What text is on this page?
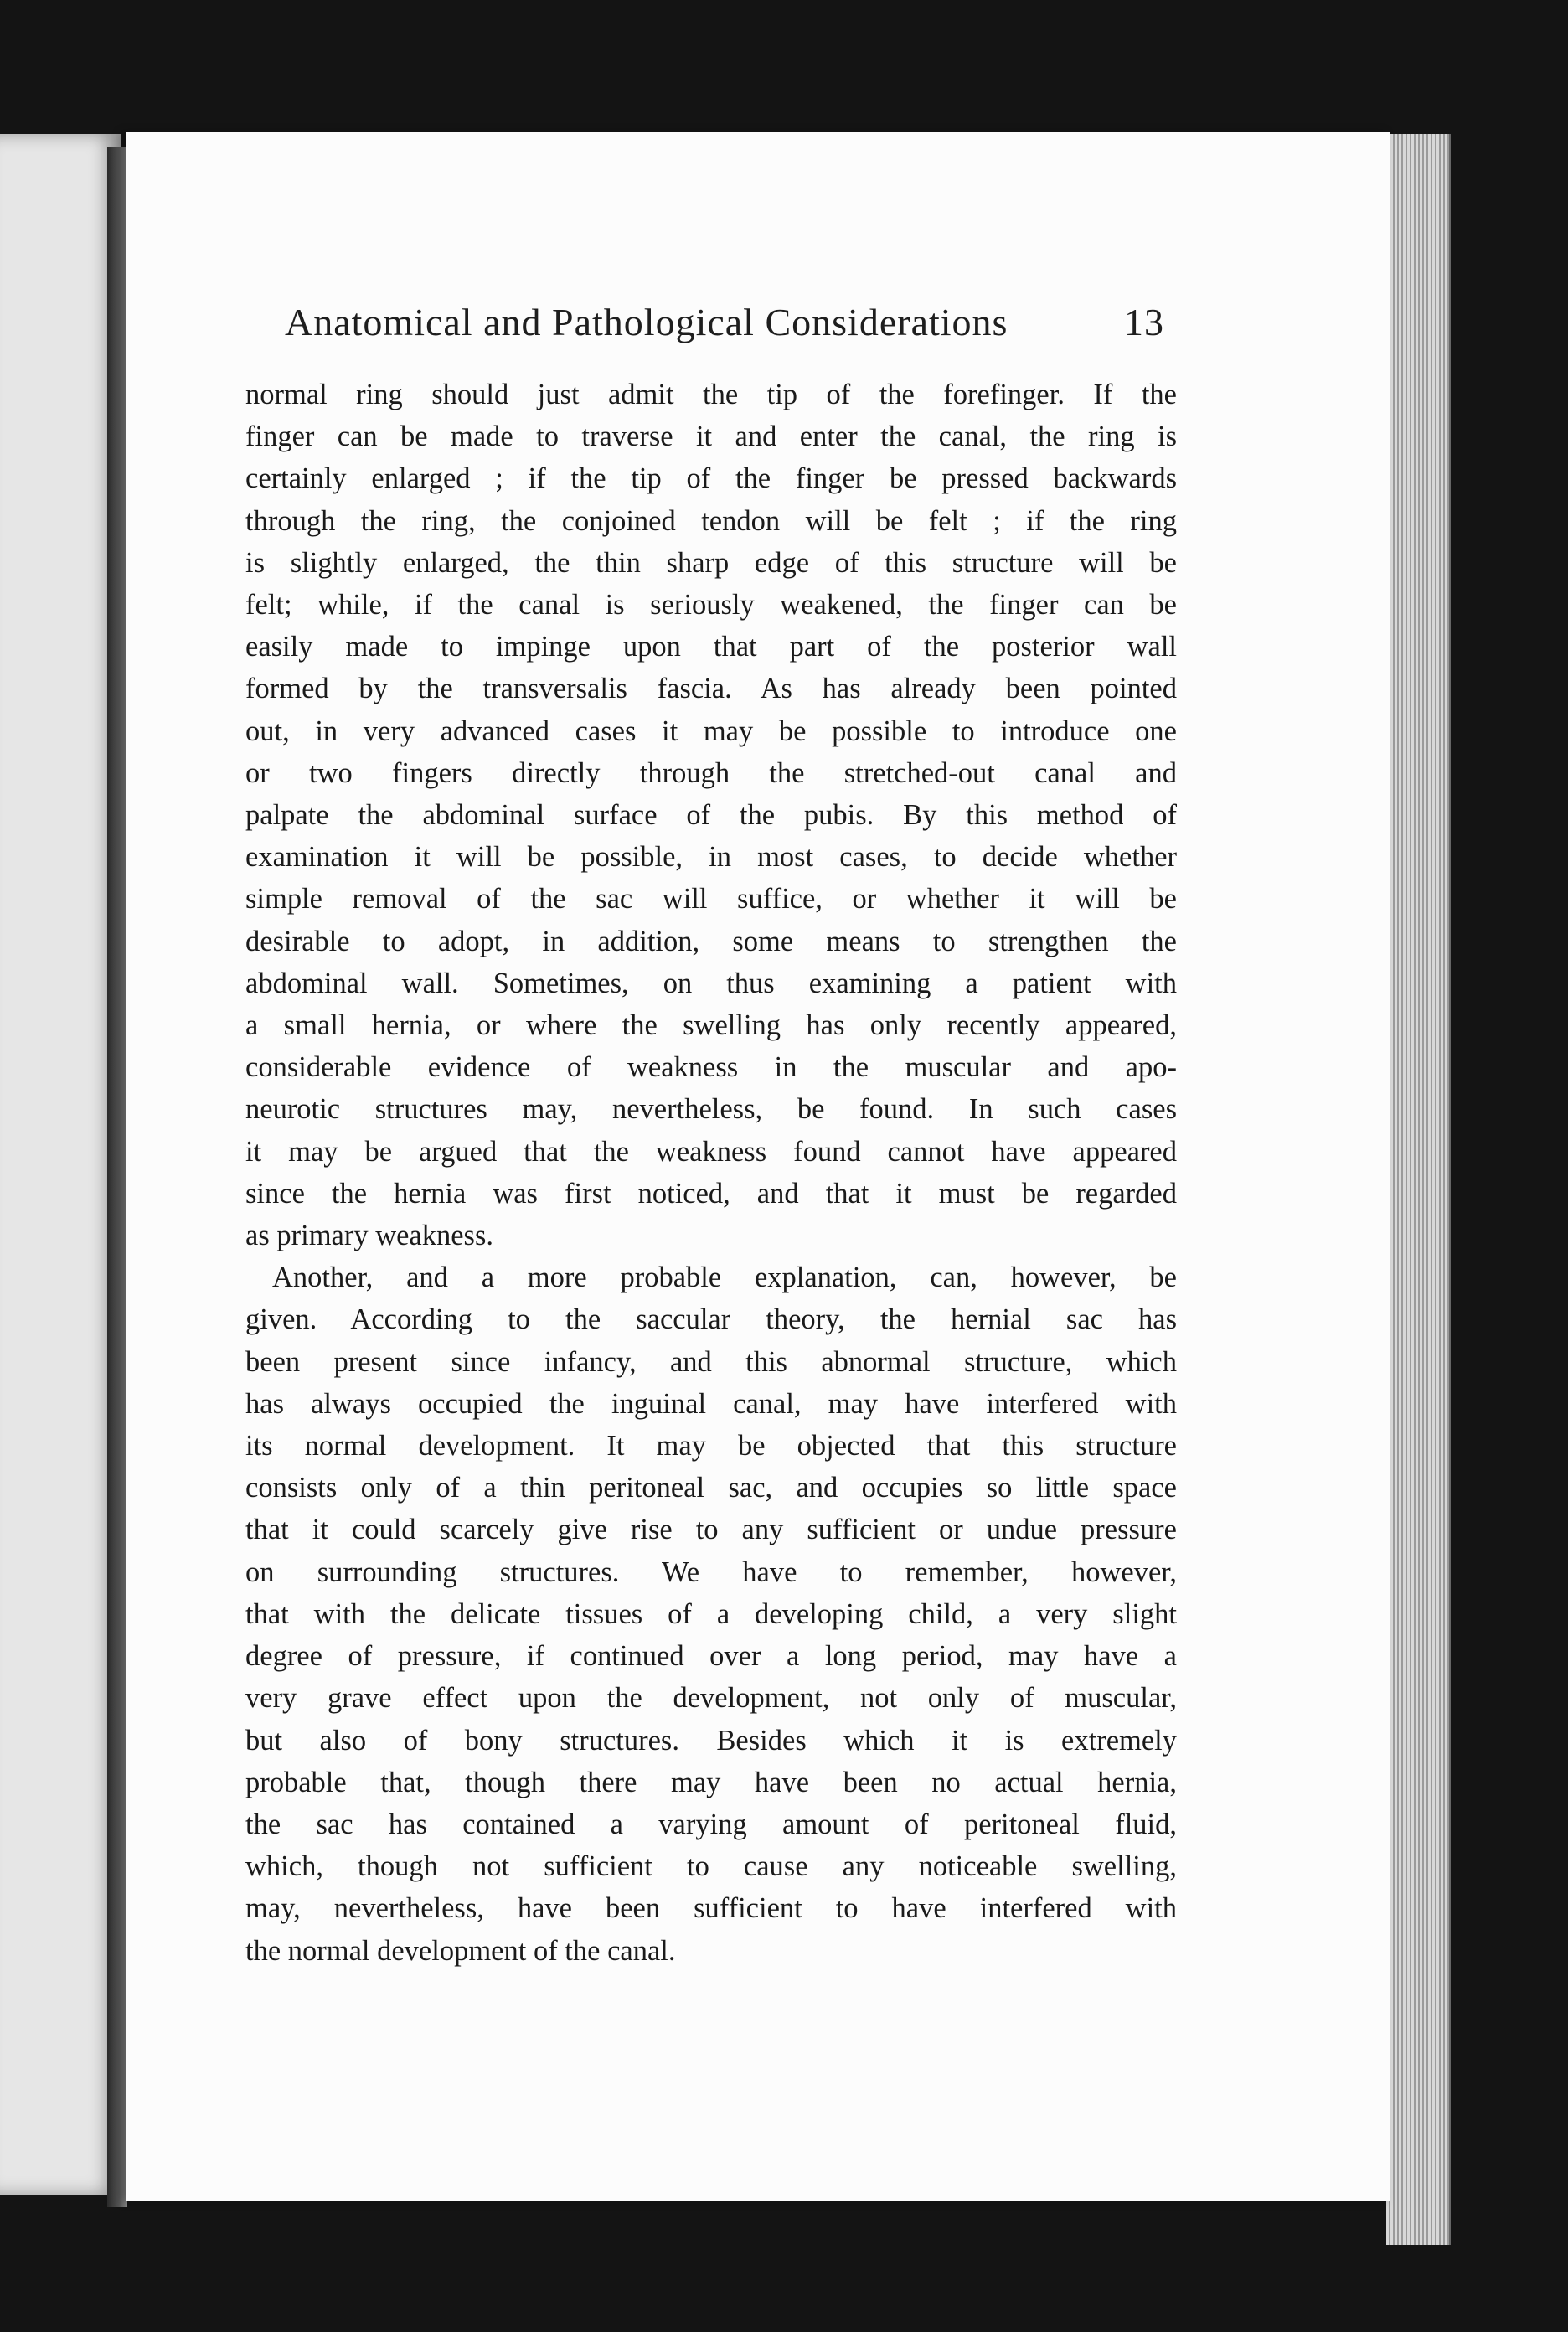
Anatomical and Pathological Considerations	13
normal ring should just admit the tip of the forefinger. If the
finger can be made to traverse it and enter the canal, the ring is
certainly enlarged ; if the tip of the finger be pressed backwards
through the ring, the conjoined tendon will be felt ; if the ring
is slightly enlarged, the thin sharp edge of this structure will be
felt; while, if the canal is seriously weakened, the finger can be
easily made to impinge upon that part of the posterior wall
formed by the transversalis fascia. As has already been pointed
out, in very advanced cases it may be possible to introduce one
or two fingers directly through the stretched-out canal and
palpate the abdominal surface of the pubis. By this method of
examination it will be possible, in most cases, to decide whether
simple removal of the sac will suffice, or whether it will be
desirable to adopt, in addition, some means to strengthen the
abdominal wall. Sometimes, on thus examining a patient with
a small hernia, or where the swelling has only recently appeared,
considerable evidence of weakness in the muscular and apo-
neurotic structures may, nevertheless, be found. In such cases
it may be argued that the weakness found cannot have appeared
since the hernia was first noticed, and that it must be regarded
as primary weakness.
Another, and a more probable explanation, can, however, be
given. According to the saccular theory, the hernial sac has
been present since infancy, and this abnormal structure, which
has always occupied the inguinal canal, may have interfered with
its normal development. It may be objected that this structure
consists only of a thin peritoneal sac, and occupies so little space
that it could scarcely give rise to any sufficient or undue pressure
on surrounding structures. We have to remember, however,
that with the delicate tissues of a developing child, a very slight
degree of pressure, if continued over a long period, may have a
very grave effect upon the development, not only of muscular,
but also of bony structures. Besides which it is extremely
probable that, though there may have been no actual hernia,
the sac has contained a varying amount of peritoneal fluid,
which, though not sufficient to cause any noticeable swelling,
may, nevertheless, have been sufficient to have interfered with
the normal development of the canal.
